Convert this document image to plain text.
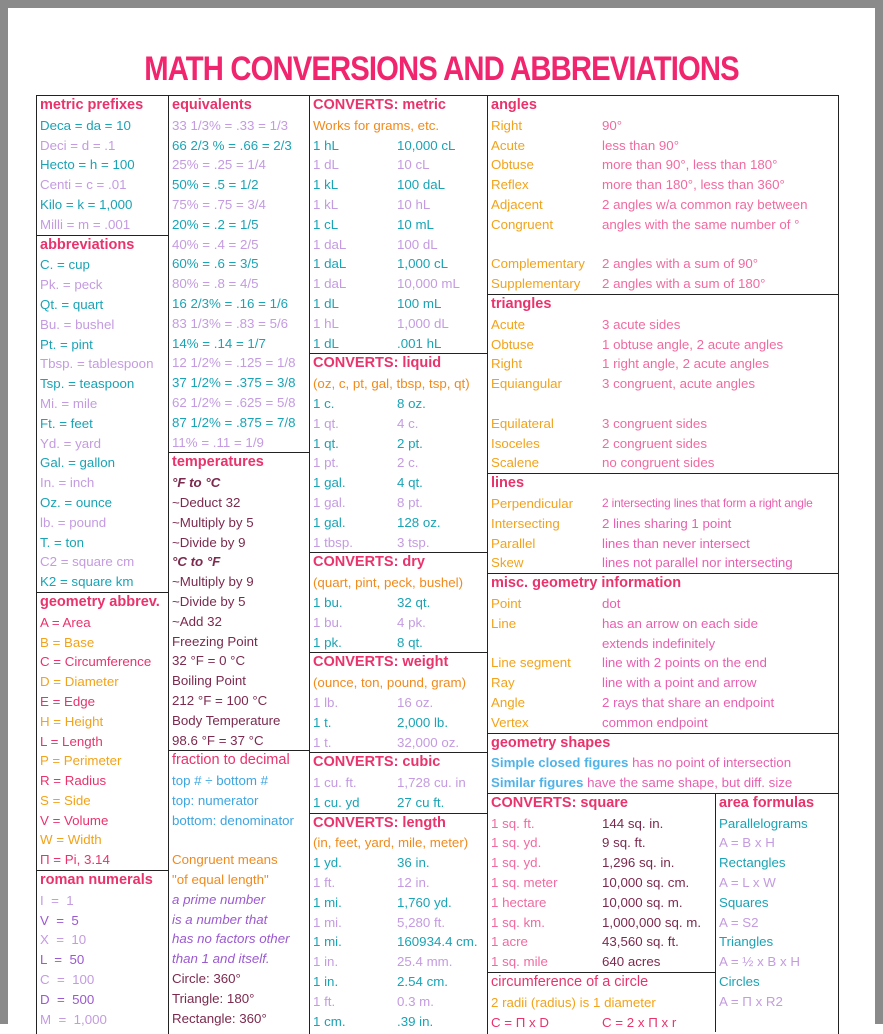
MATH CONVERSIONS AND ABBREVIATIONS
metric prefixes
Deca = da = 10
Deci = d = .1
Hecto = h = 100
Centi = c = .01
Kilo = k = 1,000
Milli = m = .001
abbreviations
C. = cup
Pk. = peck
Qt. = quart
Bu. = bushel
Pt. = pint
Tbsp. = tablespoon
Tsp. = teaspoon
Mi. = mile
Ft. = feet
Yd. = yard
Gal. = gallon
In. = inch
Oz. = ounce
lb. = pound
T. = ton
C2 = square cm
K2 = square km
geometry abbrev.
A = Area
B = Base
C = Circumference
D = Diameter
E = Edge
H = Height
L = Length
P = Perimeter
R = Radius
S = Side
V = Volume
W = Width
Π = Pi, 3.14
roman numerals
I  =  1
V  =  5
X  =  10
L  =  50
C  =  100
D  =  500
M  =  1,000
equivalents
33 1/3% = .33 = 1/3
66 2/3 % = .66 = 2/3
25% = .25 = 1/4
50% = .5 = 1/2
75% = .75 = 3/4
20% = .2 = 1/5
40% = .4 = 2/5
60% = .6 = 3/5
80% = .8 = 4/5
16 2/3% = .16 = 1/6
83 1/3% = .83 = 5/6
14% = .14 = 1/7
12 1/2% = .125 = 1/8
37 1/2% = .375 = 3/8
62 1/2% = .625 = 5/8
87 1/2% = .875 = 7/8
11% = .11 = 1/9
temperatures
°F to °C
~Deduct 32
~Multiply by 5
~Divide by 9
°C to °F
~Multiply by 9
~Divide by 5
~Add 32
Freezing Point
32 °F = 0 °C
Boiling Point
212 °F = 100 °C
Body Temperature
98.6 °F = 37 °C
fraction to decimal
top # ÷ bottom #
top: numerator
bottom: denominator
Congruent means
"of equal length"
a prime number
is a number that
has no factors other
than 1 and itself.
Circle: 360°
Triangle: 180°
Rectangle: 360°
CONVERTS: metric
Works for grams, etc.
1 hL	10,000 cL
1 dL	10 cL
1 kL	100 daL
1 kL	10 hL
1 cL	10 mL
1 daL	100 dL
1 daL	1,000 cL
1 daL	10,000 mL
1 dL	100 mL
1 hL	1,000 dL
1 dL	.001 hL
CONVERTS: liquid
(oz, c, pt, gal, tbsp, tsp, qt)
1 c.	8 oz.
1 qt.	4 c.
1 qt.	2 pt.
1 pt.	2 c.
1 gal.	4 qt.
1 gal.	8 pt.
1 gal.	128 oz.
1 tbsp.	3 tsp.
CONVERTS: dry
(quart, pint, peck, bushel)
1 bu.	32 qt.
1 bu.	4 pk.
1 pk.	8 qt.
CONVERTS: weight
(ounce, ton, pound, gram)
1 lb.	16 oz.
1 t.	2,000 lb.
1 t.	32,000 oz.
CONVERTS: cubic
1 cu. ft.	1,728 cu. in
1 cu. yd	27 cu ft.
CONVERTS: length
(in, feet, yard, mile, meter)
1 yd.	36 in.
1 ft.	12 in.
1 mi.	1,760 yd.
1 mi.	5,280 ft.
1 mi.	160934.4 cm.
1 in.	25.4 mm.
1 in.	2.54 cm.
1 ft.	0.3 m.
1 cm.	.39 in.
angles
Right	90°
Acute	less than 90°
Obtuse	more than 90°, less than 180°
Reflex	more than 180°, less than 360°
Adjacent	2 angles w/a common ray between
Congruent	angles with the same number of °
Complementary	2 angles with a sum of 90°
Supplementary	2 angles with a sum of 180°
triangles
Acute	3 acute sides
Obtuse	1 obtuse angle, 2 acute angles
Right	1 right angle, 2 acute angles
Equiangular	3 congruent, acute angles
Equilateral	3 congruent sides
Isoceles	2 congruent sides
Scalene	no congruent sides
lines
Perpendicular	2 intersecting lines that form a right angle
Intersecting	2 lines sharing 1 point
Parallel	lines than never intersect
Skew	lines not parallel nor intersecting
misc. geometry information
Point	dot
Line	has an arrow on each side
extends indefinitely
Line segment	line with 2 points on the end
Ray	line with a point and arrow
Angle	2 rays that share an endpoint
Vertex	common endpoint
geometry shapes
Simple closed figures has no point of intersection
Similar figures have the same shape, but diff. size
CONVERTS: square
1 sq. ft.	144 sq. in.
1 sq. yd.	9 sq. ft.
1 sq. yd.	1,296 sq. in.
1 sq. meter	10,000 sq. cm.
1 hectare	10,000 sq. m.
1 sq. km.	1,000,000 sq. m.
1 acre	43,560 sq. ft.
1 sq. mile	640 acres
circumference of a circle
2 radii (radius) is 1 diameter
C = Π x D	C = 2 x Π x r
area formulas
Parallelograms
A = B x H
Rectangles
A = L x W
Squares
A = S2
Triangles
A = ½ x B x H
Circles
A = Π x R2
